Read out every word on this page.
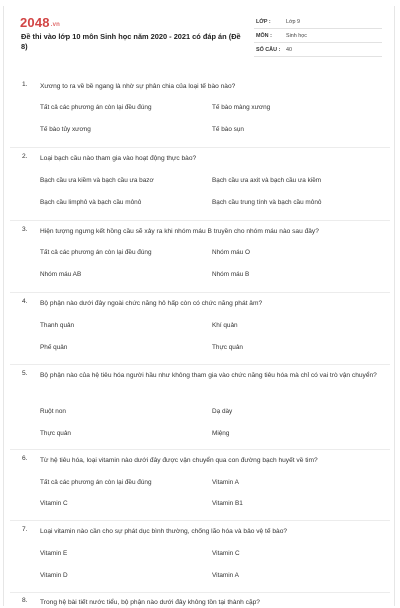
2048.vn
Đề thi vào lớp 10 môn Sinh học năm 2020 - 2021 có đáp án (Đề 8)
LỚP :	Lớp 9
MÔN :	Sinh học
SỐ CÂU : 40
1. Xương to ra về bề ngang là nhờ sự phân chia của loại tế bào nào?
Tất cả các phương án còn lại đều đúng	Tế bào màng xương
Tế bào tủy xương	Tế bào sụn
2. Loại bạch cầu nào tham gia vào hoạt động thực bào?
Bạch cầu ưa kiềm và bạch cầu ưa bazơ	Bạch cầu ưa axit và bạch cầu ưa kiềm
Bạch cầu limphô và bạch cầu mônô	Bạch cầu trung tính và bạch cầu mônô
3. Hiện tượng ngưng kết hồng cầu sẽ xảy ra khi nhóm máu B truyền cho nhóm máu nào sau đây?
Tất cả các phương án còn lại đều đúng	Nhóm máu O
Nhóm máu AB	Nhóm máu B
4. Bộ phận nào dưới đây ngoài chức năng hô hấp còn có chức năng phát âm?
Thanh quản	Khí quản
Phế quản	Thực quản
5. Bộ phận nào của hệ tiêu hóa người hầu như không tham gia vào chức năng tiêu hóa mà chỉ có vai trò vận chuyển?
Ruột non	Dạ dày
Thực quản	Miệng
6. Từ hệ tiêu hóa, loại vitamin nào dưới đây được vận chuyển qua con đường bạch huyết về tim?
Tất cả các phương án còn lại đều đúng	Vitamin A
Vitamin C	Vitamin B1
7. Loại vitamin nào cần cho sự phát dục bình thường, chống lão hóa và bảo vệ tế bào?
Vitamin E	Vitamin C
Vitamin D	Vitamin A
8. Trong hệ bài tiết nước tiểu, bộ phận nào dưới đây không tồn tại thành cặp?
